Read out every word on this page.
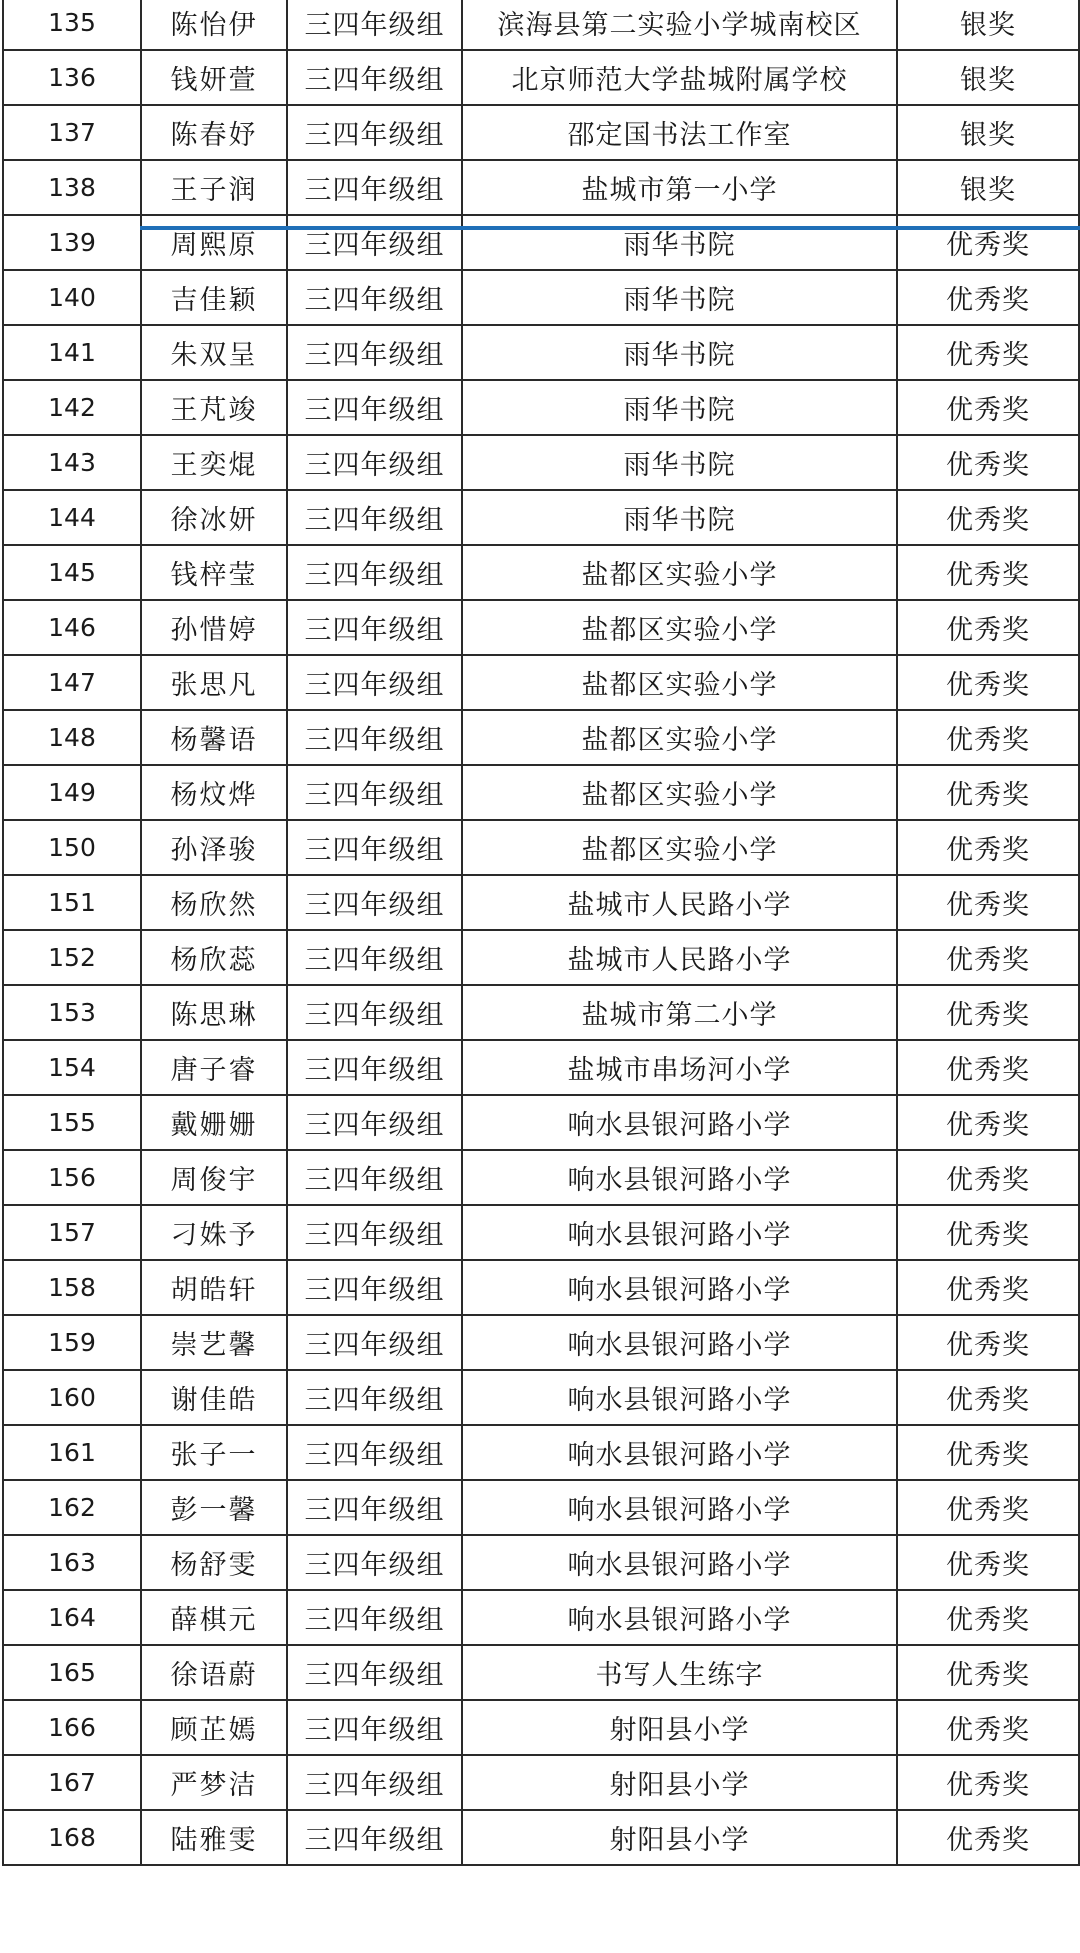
135	陈怡伊	三四年级组	滨海县第二实验小学城南校区	银奖
136	钱妍萱	三四年级组	北京师范大学盐城附属学校	银奖
137	陈春妤	三四年级组	邵定国书法工作室	银奖
138	王子润	三四年级组	盐城市第一小学	银奖
139	周熙原	三四年级组	雨华书院	优秀奖
140	吉佳颖	三四年级组	雨华书院	优秀奖
141	朱双呈	三四年级组	雨华书院	优秀奖
142	王芃竣	三四年级组	雨华书院	优秀奖
143	王奕焜	三四年级组	雨华书院	优秀奖
144	徐冰妍	三四年级组	雨华书院	优秀奖
145	钱梓莹	三四年级组	盐都区实验小学	优秀奖
146	孙惜婷	三四年级组	盐都区实验小学	优秀奖
147	张思凡	三四年级组	盐都区实验小学	优秀奖
148	杨馨语	三四年级组	盐都区实验小学	优秀奖
149	杨炆烨	三四年级组	盐都区实验小学	优秀奖
150	孙泽骏	三四年级组	盐都区实验小学	优秀奖
151	杨欣然	三四年级组	盐城市人民路小学	优秀奖
152	杨欣蕊	三四年级组	盐城市人民路小学	优秀奖
153	陈思琳	三四年级组	盐城市第二小学	优秀奖
154	唐子睿	三四年级组	盐城市串场河小学	优秀奖
155	戴姗姗	三四年级组	响水县银河路小学	优秀奖
156	周俊宇	三四年级组	响水县银河路小学	优秀奖
157	刁姝予	三四年级组	响水县银河路小学	优秀奖
158	胡皓轩	三四年级组	响水县银河路小学	优秀奖
159	崇艺馨	三四年级组	响水县银河路小学	优秀奖
160	谢佳皓	三四年级组	响水县银河路小学	优秀奖
161	张子一	三四年级组	响水县银河路小学	优秀奖
162	彭一馨	三四年级组	响水县银河路小学	优秀奖
163	杨舒雯	三四年级组	响水县银河路小学	优秀奖
164	薛棋元	三四年级组	响水县银河路小学	优秀奖
165	徐语蔚	三四年级组	书写人生练字	优秀奖
166	顾芷嫣	三四年级组	射阳县小学	优秀奖
167	严梦洁	三四年级组	射阳县小学	优秀奖
168	陆雅雯	三四年级组	射阳县小学	优秀奖
